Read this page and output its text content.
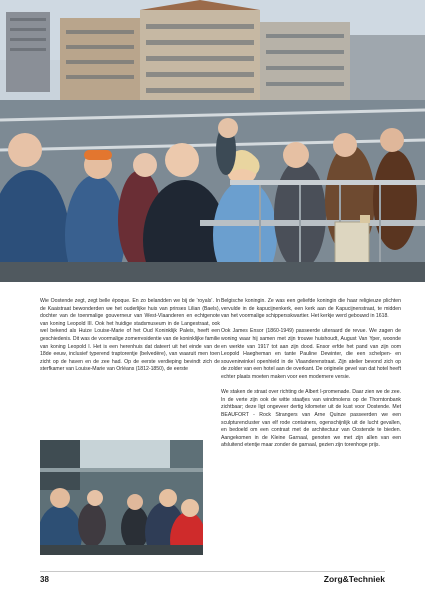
Wie Oostende zegt, zegt belle époque. En zo belandden we bij de ‘royals’. In de Kaaistraat bewonderden we het ouderlijke huis van prinses Lilian (Baels), dochter van de toenmalige gouverneur van West-Vlaanderen en echtgenote van koning Leopold III. Ook het huidige stadsmuseum in de Langestraat, ook wel bekend als Huize Louise-Marie of het Oud Koninklijk Paleis, heeft een geschiedenis. Dit was de voormalige zomerresidentie van de koninklijke familie van koning Leopold I. Het is een herenhuis dat dateert uit het einde van de 18de eeuw, inclusief typerend traptorentje (belvedère), van waaruit men toen zicht op de haven en de zee had. Op de eerste verdieping bevindt zich de sterfkamer van Louise-Marie van Orléans (1812-1850), de eerste

Belgische koningin. Ze was een geliefde koningin die haar religieuze plichten vervulde in de kapucijnenkerk, een kerk aan de Kapucijnenstraat, te midden van het voormalige schippersskwartier. Het kerkje werd gebouwd in 1618.

Ook James Ensor (1860-1949) passeerde uiteraard de revue. We zagen de woning waar hij samen met zijn trouwe huishoudt, August Van Yper, woonde en werkte van 1917 tot aan zijn dood. Ensor erfde het pand van zijn oom Leopold Haegheman en tante Pauline Dewinter, die een schelpen- en souvenirwinkel openhield in de Vlaanderenstraat. Zijn atelier bevond zich op de zolder van een hotel aan de overkant. De originele gevel van dat hotel heeft echter plaats moeten maken voor een modernere versie.

We staken de straat over richting de Albert I-promenade. Daar zien we de zee. In de verte zijn ook de witte staafjes van windmolens op de Thorntonbank zichtbaar; deze ligt ongeveer dertig kilometer uit de kust voor Oostende. Met BEAUFORT - Rock Strangers van Arne Quinze passeerden we een sculpturencluster van elf rode containers, ogenschijnlijk uit de lucht gevallen, en bedoeld om een contrast met de architectuur van Oostende te bieden. Aangekomen in de Kleine Garnaal, genoten we met zijn allen van een afsluitend etentje maar zonder de garnaal, gezien zijn torenhoge prijs.

38	Zorg&Techniek
